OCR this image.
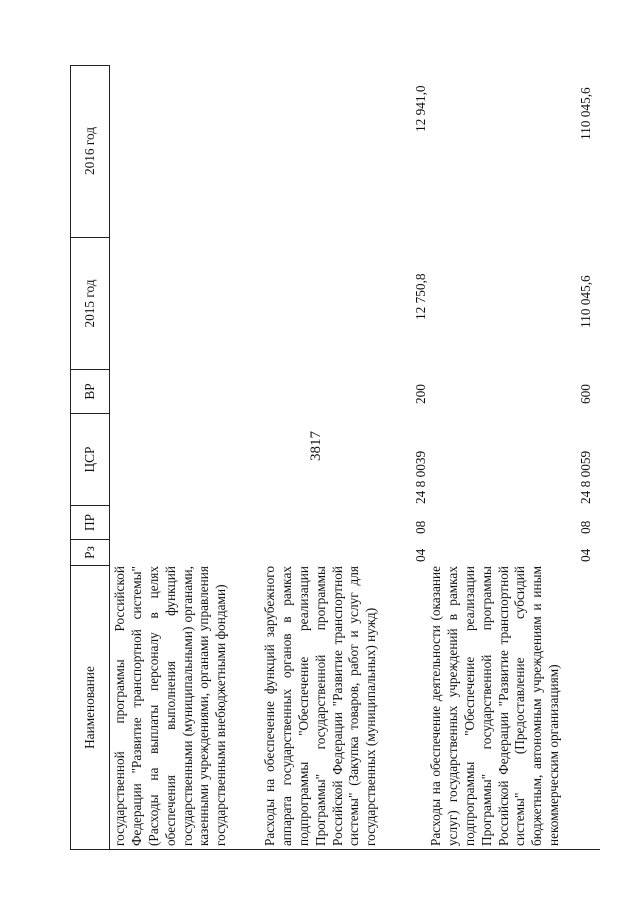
3817
Наименование
Рз
ПР
ЦСР
ВР
2015 год
2016 год
государственной программы Российской Федерации "Развитие транспортной системы" (Расходы на выплаты персоналу в целях обеспечения выполнения функций государственными (муниципальными) органами, казенными учреждениями, органами управления государственными внебюджетными фондами)	Расходы на обеспечение функций зарубежного аппарата государственных органов в рамках подпрограммы "Обеспечение реализации Программы" государственной программы Российской Федерации "Развитие транспортной системы" (Закупка товаров, работ и услуг для государственных (муниципальных) нужд)
04
08
24 8 0039
200
12 750,8
12 941,0
Расходы на обеспечение деятельности (оказание услуг) государственных учреждений в рамках подпрограммы "Обеспечение реализации Программы" государственной программы Российской Федерации "Развитие транспортной системы" (Предоставление субсидий бюджетным, автономным учреждениям и иным некоммерческим организациям)
04
08
24 8 0059
600
110 045,6
110 045,6
